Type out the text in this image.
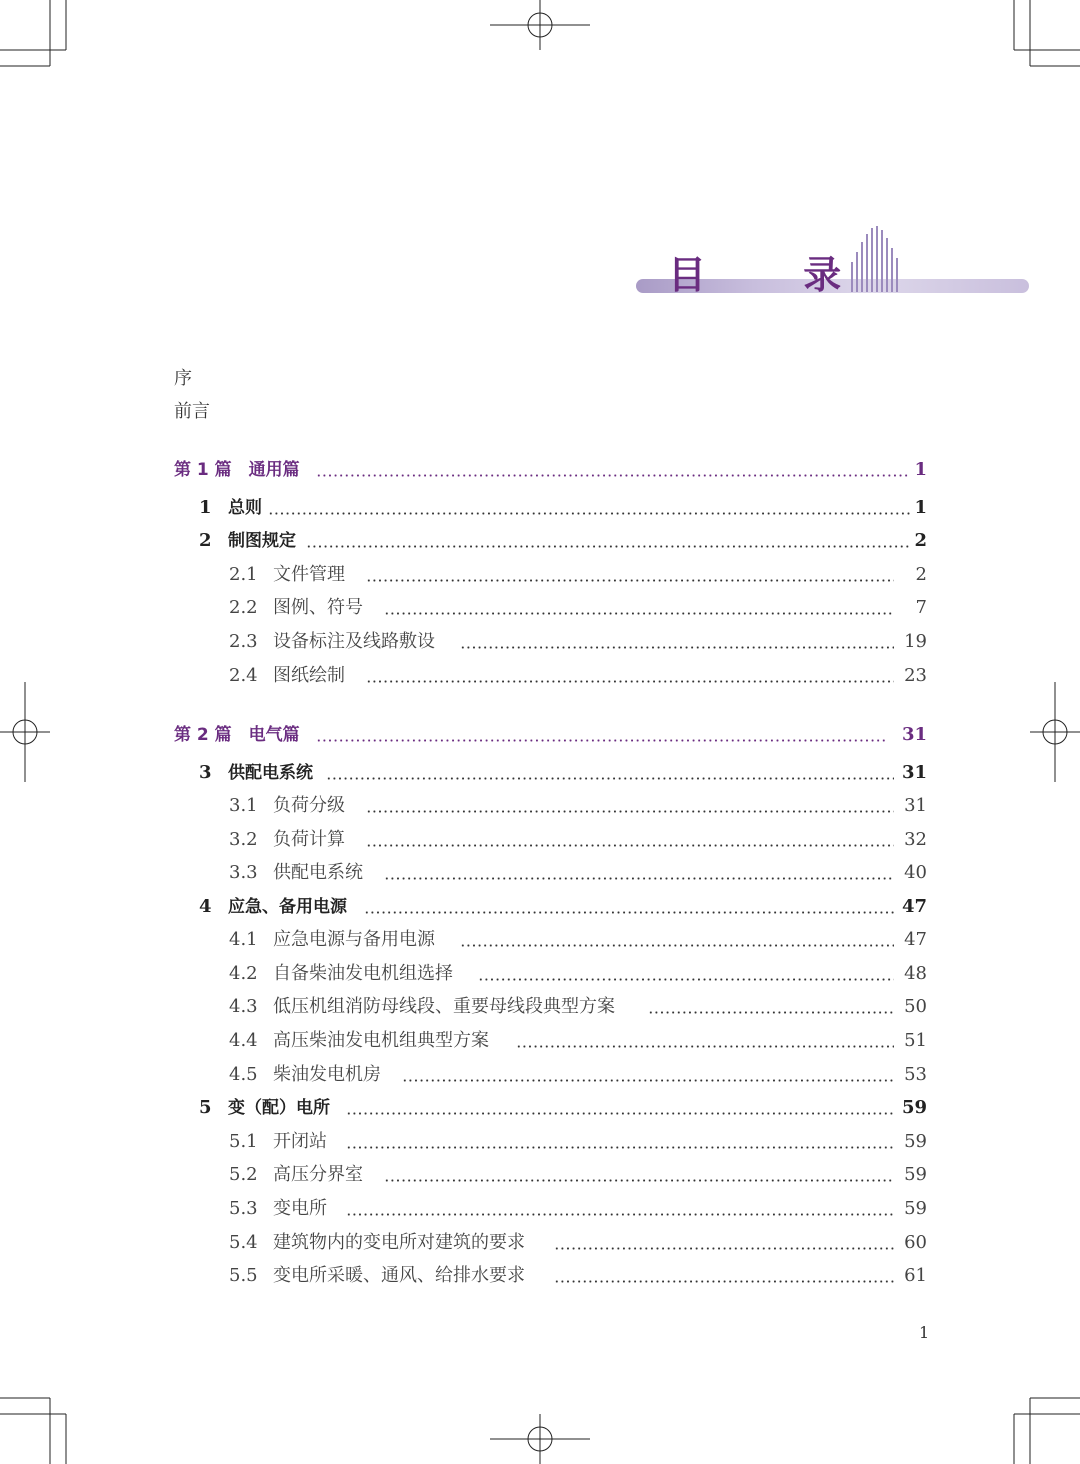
目 录
序
前言
第 1 篇　通用篇	1
1 总则	1
2 制图规定	2
2.1 文件管理	2
2.2 图例、符号	7
2.3 设备标注及线路敷设	19
2.4 图纸绘制	23
第 2 篇　电气篇	31
3 供配电系统	31
3.1 负荷分级	31
3.2 负荷计算	32
3.3 供配电系统	40
4 应急、备用电源	47
4.1 应急电源与备用电源	47
4.2 自备柴油发电机组选择	48
4.3 低压机组消防母线段、重要母线段典型方案	50
4.4 高压柴油发电机组典型方案	51
4.5 柴油发电机房	53
5 变（配）电所	59
5.1 开闭站	59
5.2 高压分界室	59
5.3 变电所	59
5.4 建筑物内的变电所对建筑的要求	60
5.5 变电所采暖、通风、给排水要求	61
1
